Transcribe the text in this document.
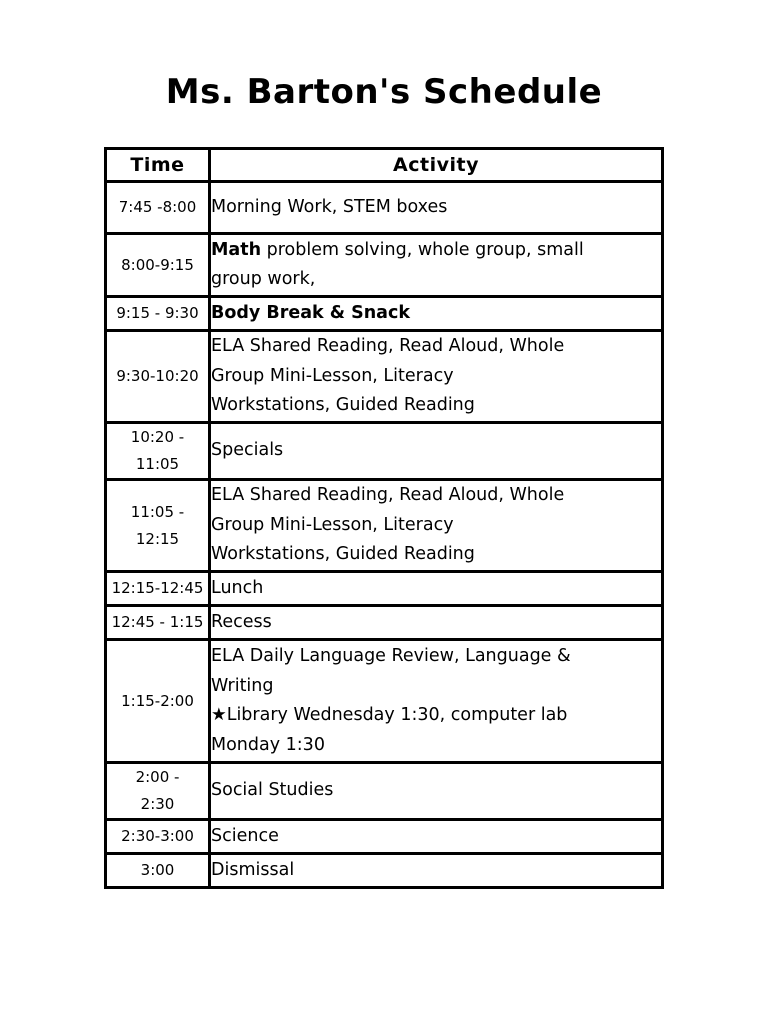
Ms. Barton's Schedule
Time	Activity

7:45 -8:00	Morning Work, STEM boxes

8:00-9:15	Math problem solving, whole group, small
group work,

9:15 - 9:30	Body Break & Snack

9:30-10:20	ELA Shared Reading, Read Aloud, Whole
Group Mini-Lesson, Literacy
Workstations, Guided Reading

10:20 -
11:05	Specials

11:05 - 12:15	ELA Shared Reading, Read Aloud, Whole
Group Mini-Lesson, Literacy
Workstations, Guided Reading

12:15-12:45	Lunch

12:45 - 1:15	Recess

1:15-2:00	ELA Daily Language Review, Language &
Writing
★Library Wednesday 1:30, computer lab
Monday 1:30

2:00 -
2:30	Social Studies

2:30-3:00	Science

3:00	Dismissal
